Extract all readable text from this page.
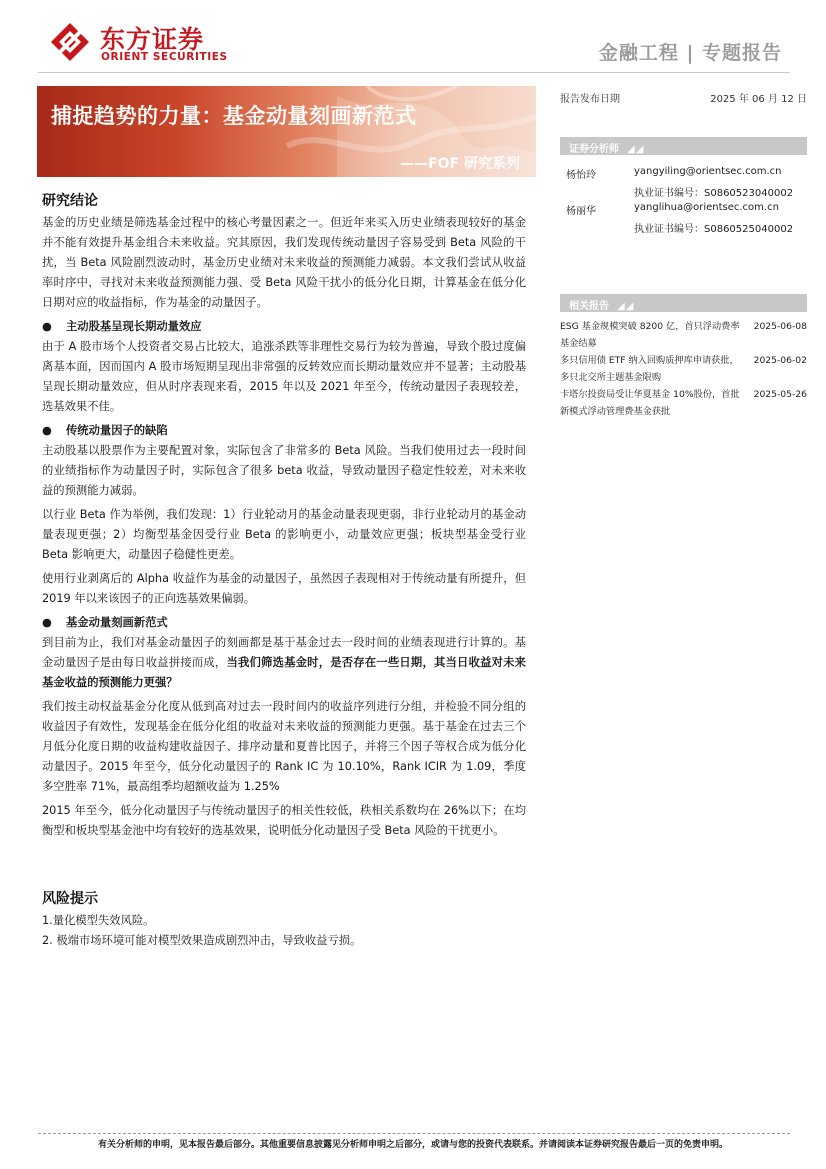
东方证券
ORIENT SECURITIES	金融工程 | 专题报告
捕捉趋势的力量：基金动量刻画新范式
——FOF 研究系列
报告发布日期	2025 年 06 月 12 日
证券分析师 ◢◢
杨怡玲	yangyiling@orientsec.com.cn
执业证书编号：S0860523040002
杨丽华	yanglihua@orientsec.com.cn
执业证书编号：S0860525040002
相关报告 ◢◢
ESG 基金规模突破 8200 亿，首只浮动费率基金结募
2025-06-08
多只信用债 ETF 纳入回购质押库申请获批，多只北交所主题基金限购
2025-06-02
卡塔尔投资局受让华夏基金 10%股份，首批新模式浮动管理费基金获批
2025-05-26
研究结论

基金的历史业绩是筛选基金过程中的核心考量因素之一。但近年来买入历史业绩表现较好的基金并不能有效提升基金组合未来收益。究其原因，我们发现传统动量因子容易受到 Beta 风险的干扰，当 Beta 风险剧烈波动时，基金历史业绩对未来收益的预测能力减弱。本文我们尝试从收益率时序中，寻找对未来收益预测能力强、受 Beta 风险干扰小的低分化日期，计算基金在低分化日期对应的收益指标，作为基金的动量因子。

●	主动股基呈现长期动量效应

由于 A 股市场个人投资者交易占比较大，追涨杀跌等非理性交易行为较为普遍，导致个股过度偏离基本面，因而国内 A 股市场短期呈现出非常强的反转效应而长期动量效应并不显著；主动股基呈现长期动量效应，但从时序表现来看，2015 年以及 2021 年至今，传统动量因子表现较差，选基效果不佳。

●	传统动量因子的缺陷

主动股基以股票作为主要配置对象，实际包含了非常多的 Beta 风险。当我们使用过去一段时间的业绩指标作为动量因子时，实际包含了很多 beta 收益，导致动量因子稳定性较差，对未来收益的预测能力减弱。

以行业 Beta 作为举例，我们发现：1）行业轮动月的基金动量表现更弱，非行业轮动月的基金动量表现更强；2）均衡型基金因受行业 Beta 的影响更小，动量效应更强；板块型基金受行业 Beta 影响更大，动量因子稳健性更差。

使用行业剥离后的 Alpha 收益作为基金的动量因子，虽然因子表现相对于传统动量有所提升，但 2019 年以来该因子的正向选基效果偏弱。

●	基金动量刻画新范式

到目前为止，我们对基金动量因子的刻画都是基于基金过去一段时间的业绩表现进行计算的。基金动量因子是由每日收益拼接而成，当我们筛选基金时，是否存在一些日期，其当日收益对未来基金收益的预测能力更强？

我们按主动权益基金分化度从低到高对过去一段时间内的收益序列进行分组，并检验不同分组的收益因子有效性，发现基金在低分化组的收益对未来收益的预测能力更强。基于基金在过去三个月低分化度日期的收益构建收益因子、排序动量和夏普比因子，并将三个因子等权合成为低分化动量因子。2015 年至今，低分化动量因子的 Rank IC 为 10.10%，Rank ICIR 为 1.09，季度多空胜率 71%，最高组季均超额收益为 1.25%

2015 年至今，低分化动量因子与传统动量因子的相关性较低，秩相关系数均在 26%以下；在均衡型和板块型基金池中均有较好的选基效果，说明低分化动量因子受 Beta 风险的干扰更小。

风险提示

1.量化模型失效风险。

2. 极端市场环境可能对模型效果造成剧烈冲击，导致收益亏损。

有关分析师的申明，见本报告最后部分。其他重要信息披露见分析师申明之后部分，或请与您的投资代表联系。并请阅读本证券研究报告最后一页的免责申明。
